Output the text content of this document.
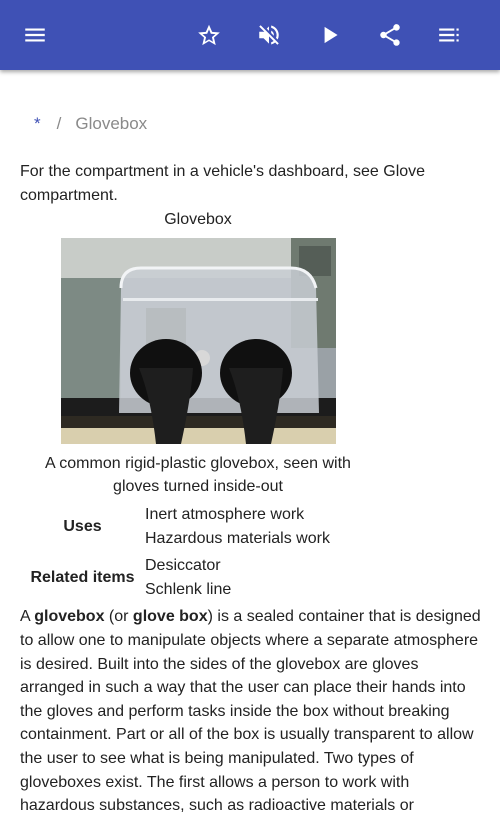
* / Glovebox
For the compartment in a vehicle's dashboard, see Glove compartment.
Glovebox
A common rigid-plastic glovebox, seen with gloves turned inside-out
Uses
Inert atmosphere work
Hazardous materials work
Related items
Desiccator
Schlenk line

A glovebox (or glove box) is a sealed container that is designed to allow one to manipulate objects where a separate atmosphere is desired. Built into the sides of the glovebox are gloves arranged in such a way that the user can place their hands into the gloves and perform tasks inside the box without breaking containment. Part or all of the box is usually transparent to allow the user to see what is being manipulated. Two types of gloveboxes exist. The first allows a person to work with hazardous substances, such as radioactive materials or
